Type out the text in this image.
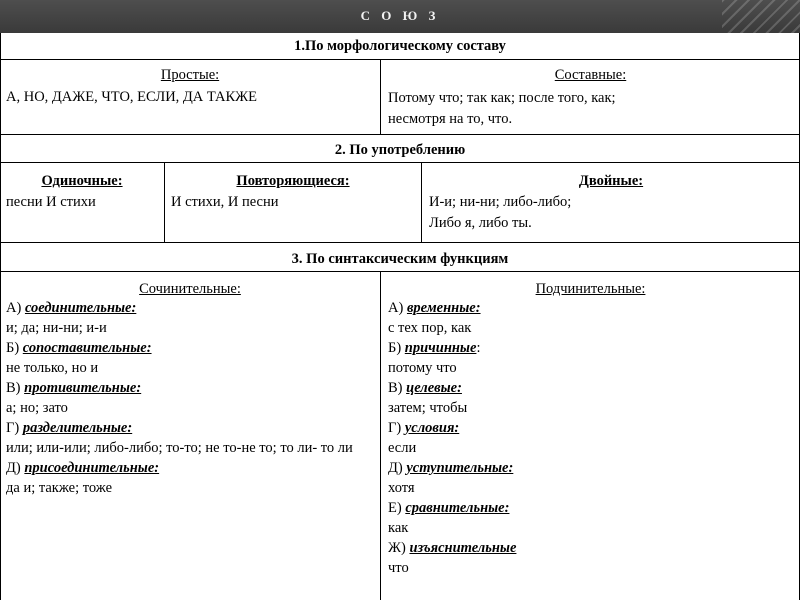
С О Ю З
1.По морфологическому составу
Простые:
А, НО, ДАЖЕ, ЧТО, ЕСЛИ, ДА ТАКЖЕ
Составные:
Потому что; так как; после того, как;
несмотря на то, что.
2. По употреблению
Одиночные:
песни И стихи
Повторяющиеся:
И стихи, И песни
Двойные:
И-и; ни-ни; либо-либо;
Либо я, либо ты.
3. По синтаксическим функциям
Сочинительные:	Подчинительные:
А) соединительные:
и; да; ни-ни; и-и
Б) сопоставительные:
не только, но и
В) противительные:
а; но; зато
Г) разделительные:
или; или-или; либо-либо; то-то; не то-не то; то ли- то ли
Д) присоединительные:
да и; также; тоже
А) временные:
с тех пор, как
Б) причинные:
потому что
В) целевые:
затем; чтобы
Г) условия:
если
Д) уступительные:
хотя
Е) сравнительные:
как
Ж) изъяснительные
что
